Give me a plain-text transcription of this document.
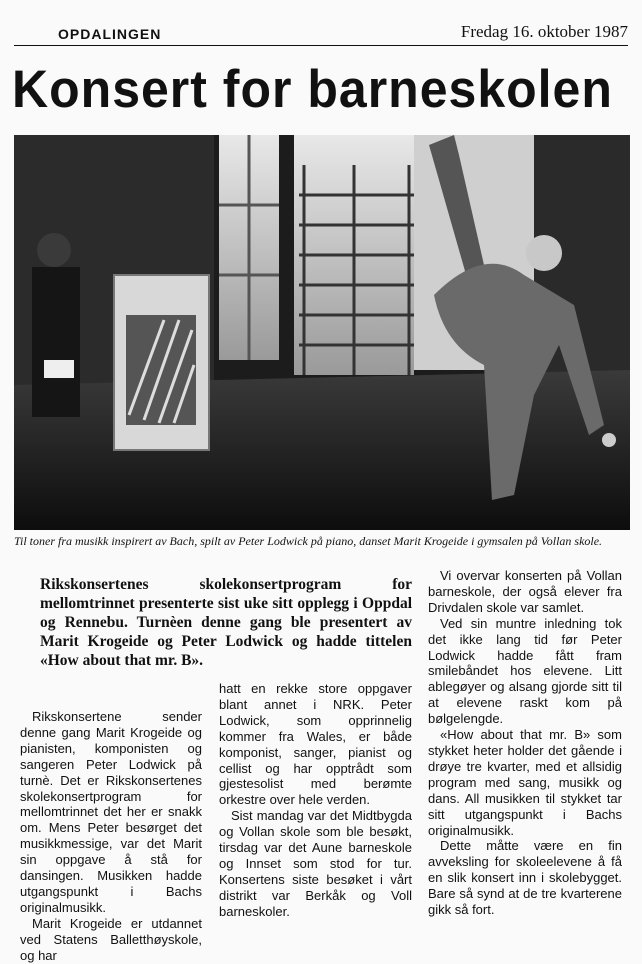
OPDALINGEN	Fredag 16. oktober 1987
Konsert for barneskolen
Til toner fra musikk inspirert av Bach, spilt av Peter Lodwick på piano, danset Marit Krogeide i gymsalen på Vollan skole.
Rikskonsertenes skolekonsertprogram for mellomtrinnet presenterte sist uke sitt opplegg i Oppdal og Rennebu. Turnèen denne gang ble presentert av Marit Krogeide og Peter Lodwick og hadde tittelen «How about that mr. B».

Rikskonsertene sender denne gang Marit Krogeide og pianisten, komponisten og sangeren Peter Lodwick på turnè. Det er Rikskonsertenes skolekonsertprogram for mellomtrinnet det her er snakk om. Mens Peter besørget det musikkmessige, var det Marit sin oppgave å stå for dansingen. Musikken hadde utgangspunkt i Bachs originalmusikk.

Marit Krogeide er utdannet ved Statens Balletthøyskole, og har

hatt en rekke store oppgaver blant annet i NRK. Peter Lodwick, som opprinnelig kommer fra Wales, er både komponist, sanger, pianist og cellist og har opptrådt som gjestesolist med berømte orkestre over hele verden.

Sist mandag var det Midtbygda og Vollan skole som ble besøkt, tirsdag var det Aune barneskole og Innset som stod for tur. Konsertens siste besøket i vårt distrikt var Berkåk og Voll barneskoler.

Vi overvar konserten på Vollan barneskole, der også elever fra Drivdalen skole var samlet.

Ved sin muntre inledning tok det ikke lang tid før Peter Lodwick hadde fått fram smilebåndet hos elevene. Litt ablegøyer og alsang gjorde sitt til at elevene raskt kom på bølgelengde.

«How about that mr. B» som stykket heter holder det gående i drøye tre kvarter, med et allsidig program med sang, musikk og dans. All musikken til stykket tar sitt utgangspunkt i Bachs originalmusikk.

Dette måtte være en fin avveksling for skoleelevene å få en slik konsert inn i skolebygget. Bare så synd at de tre kvarterene gikk så fort.
